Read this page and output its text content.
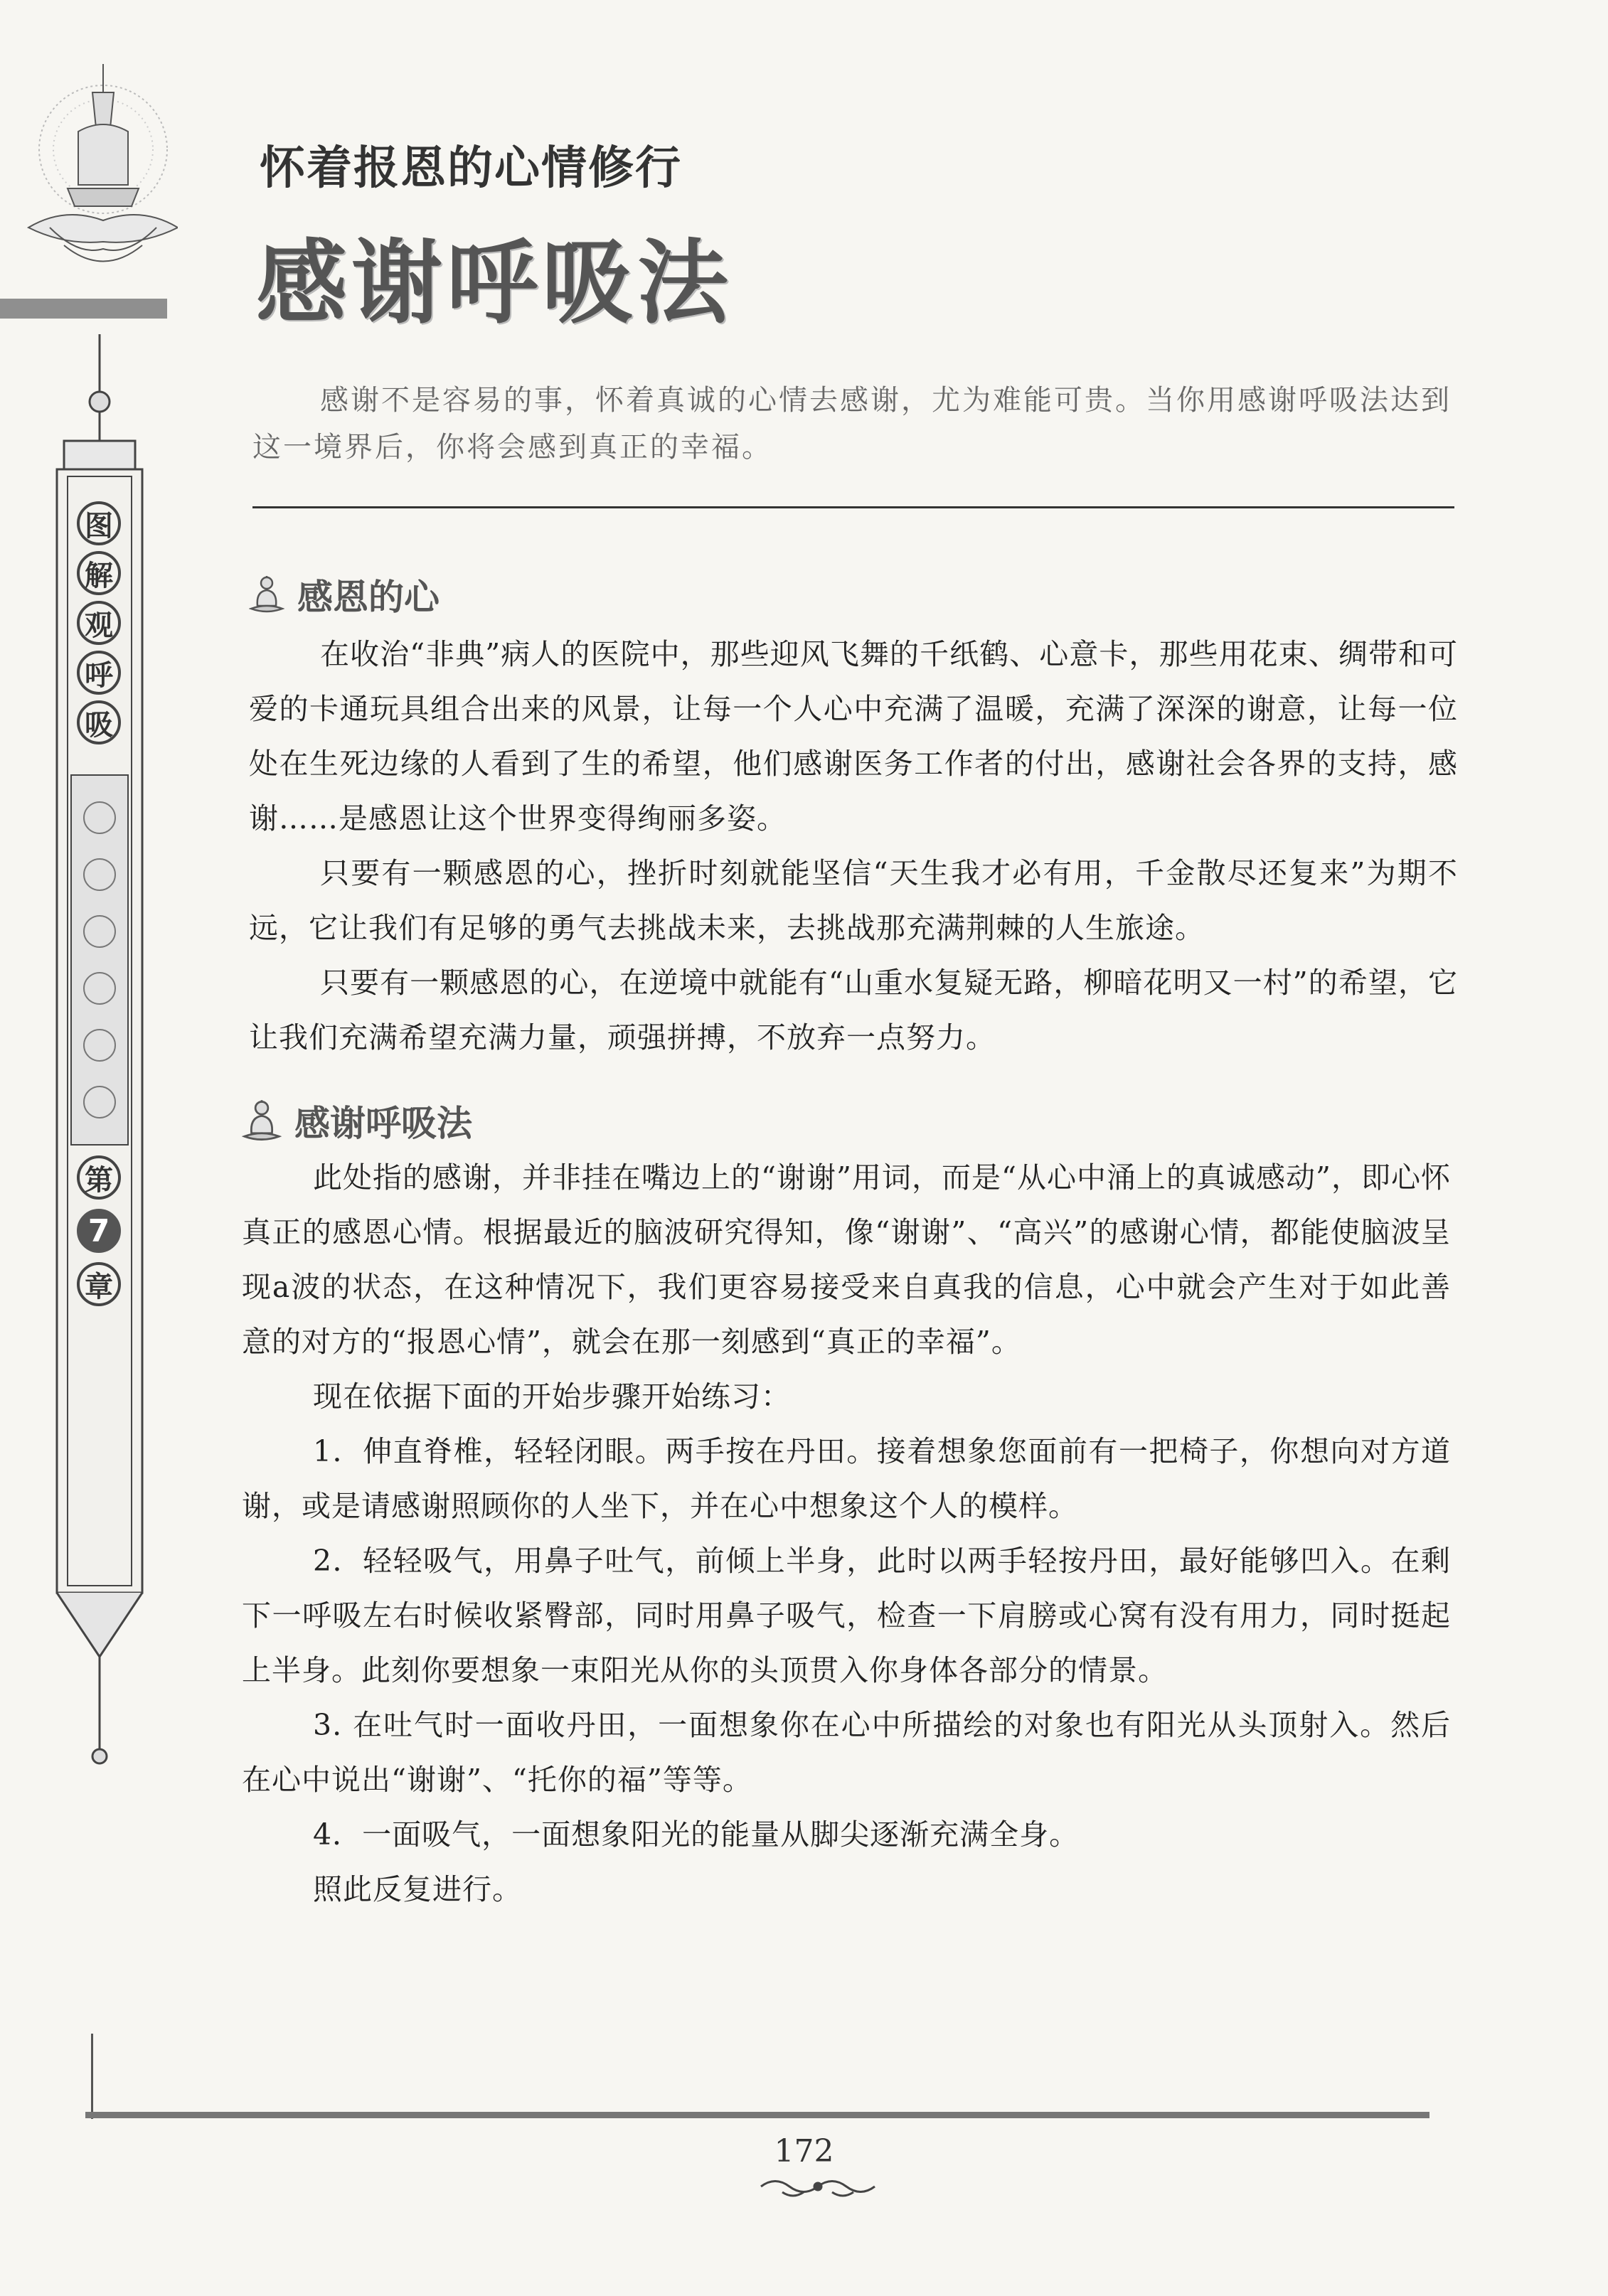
图
解
观
呼
吸
第
7
章
怀着报恩的心情修行
感谢呼吸法
感谢不是容易的事，怀着真诚的心情去感谢，尤为难能可贵。当你用感谢呼吸法达到这一境界后，你将会感到真正的幸福。
感恩的心

在收治“非典”病人的医院中，那些迎风飞舞的千纸鹤、心意卡，那些用花束、绸带和可爱的卡通玩具组合出来的风景，让每一个人心中充满了温暖，充满了深深的谢意，让每一位处在生死边缘的人看到了生的希望，他们感谢医务工作者的付出，感谢社会各界的支持，感谢……是感恩让这个世界变得绚丽多姿。

只要有一颗感恩的心，挫折时刻就能坚信“天生我才必有用，千金散尽还复来”为期不远，它让我们有足够的勇气去挑战未来，去挑战那充满荆棘的人生旅途。

只要有一颗感恩的心，在逆境中就能有“山重水复疑无路，柳暗花明又一村”的希望，它让我们充满希望充满力量，顽强拼搏，不放弃一点努力。

感谢呼吸法

此处指的感谢，并非挂在嘴边上的“谢谢”用词，而是“从心中涌上的真诚感动”，即心怀真正的感恩心情。根据最近的脑波研究得知，像“谢谢”、“高兴”的感谢心情，都能使脑波呈现a波的状态，在这种情况下，我们更容易接受来自真我的信息，心中就会产生对于如此善意的对方的“报恩心情”，就会在那一刻感到“真正的幸福”。

现在依据下面的开始步骤开始练习：

1．伸直脊椎，轻轻闭眼。两手按在丹田。接着想象您面前有一把椅子，你想向对方道谢，或是请感谢照顾你的人坐下，并在心中想象这个人的模样。

2．轻轻吸气，用鼻子吐气，前倾上半身，此时以两手轻按丹田，最好能够凹入。在剩下一呼吸左右时候收紧臀部，同时用鼻子吸气，检查一下肩膀或心窝有没有用力，同时挺起上半身。此刻你要想象一束阳光从你的头顶贯入你身体各部分的情景。

3. 在吐气时一面收丹田，一面想象你在心中所描绘的对象也有阳光从头顶射入。然后在心中说出“谢谢”、“托你的福”等等。

4．一面吸气，一面想象阳光的能量从脚尖逐渐充满全身。

照此反复进行。

172
